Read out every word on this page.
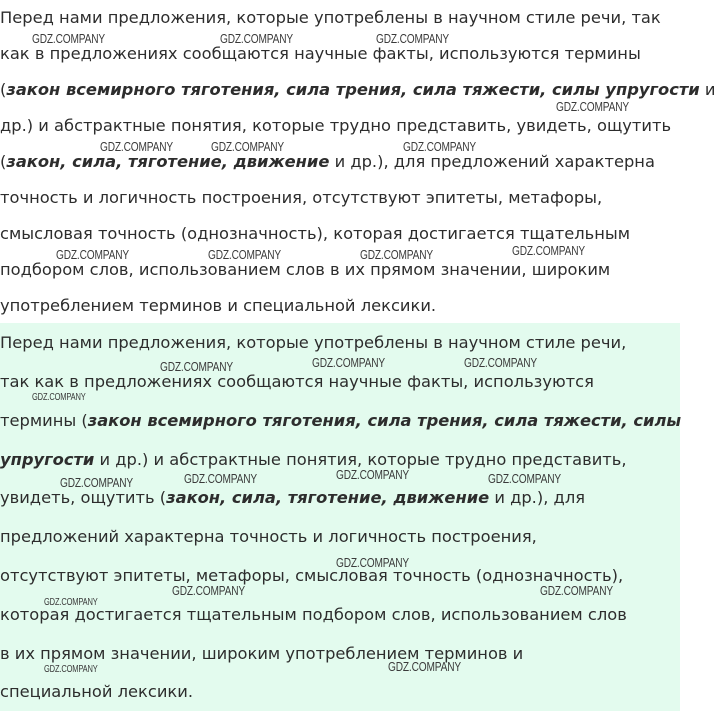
Перед нами предложения, которые употреблены в научном стиле речи, так
как в предложениях сообщаются научные факты, используются термины
(закон всемирного тяготения, сила трения, сила тяжести, силы упругости и
др.) и абстрактные понятия, которые трудно представить, увидеть, ощутить
(закон, сила, тяготение, движение и др.), для предложений характерна
точность и логичность построения, отсутствуют эпитеты, метафоры,
смысловая точность (однозначность), которая достигается тщательным
подбором слов, использованием слов в их прямом значении, широким
употреблением терминов и специальной лексики.
Перед нами предложения, которые употреблены в научном стиле речи,
так как в предложениях сообщаются научные факты, используются
термины (закон всемирного тяготения, сила трения, сила тяжести, силы
упругости и др.) и абстрактные понятия, которые трудно представить,
увидеть, ощутить (закон, сила, тяготение, движение и др.), для
предложений характерна точность и логичность построения,
отсутствуют эпитеты, метафоры, смысловая точность (однозначность),
которая достигается тщательным подбором слов, использованием слов
в их прямом значении, широким употреблением терминов и
специальной лексики.
GDZ.COMPANY	GDZ.COMPANY	GDZ.COMPANY
GDZ.COMPANY
GDZ.COMPANY	GDZ.COMPANY	GDZ.COMPANY
GDZ.COMPANY	GDZ.COMPANY	GDZ.COMPANY	GDZ.COMPANY
GDZ.COMPANY	GDZ.COMPANY	GDZ.COMPANY
GDZ.COMPANY
GDZ.COMPANY	GDZ.COMPANY	GDZ.COMPANY	GDZ.COMPANY
GDZ.COMPANY
GDZ.COMPANY	GDZ.COMPANY
GDZ.COMPANY
GDZ.COMPANY	GDZ.COMPANY
